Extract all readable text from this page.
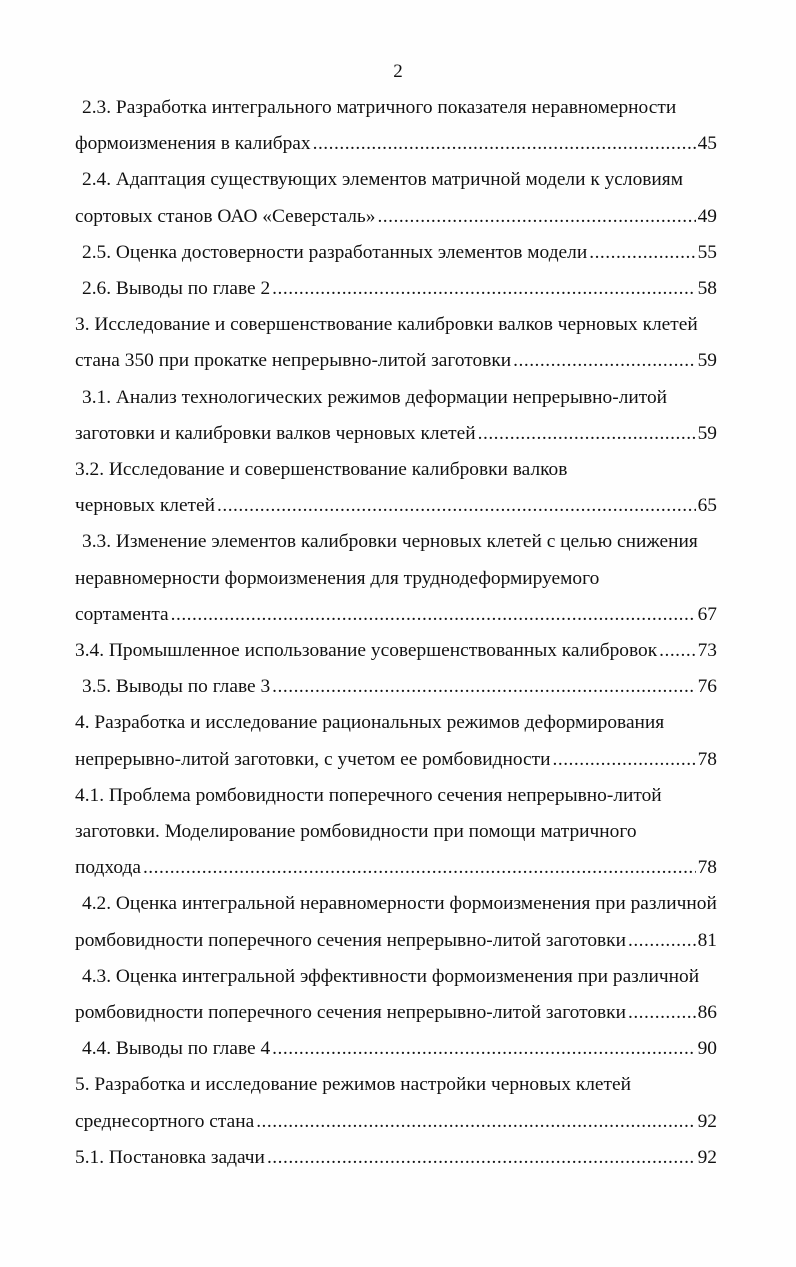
2
2.3. Разработка интегрального матричного показателя неравномерности
формоизменения в калибрах .....	45
2.4. Адаптация существующих элементов матричной модели к условиям
сортовых станов ОАО «Северсталь» .....	49
2.5. Оценка достоверности разработанных элементов модели .....	55
2.6. Выводы по главе 2 .....	58
3. Исследование и совершенствование калибровки валков черновых клетей
стана 350 при прокатке непрерывно-литой заготовки .....	59
3.1. Анализ технологических режимов деформации непрерывно-литой
заготовки и калибровки валков черновых клетей .....	59
3.2. Исследование и совершенствование калибровки валков
черновых клетей .....	65
3.3. Изменение элементов калибровки черновых клетей с целью снижения
неравномерности формоизменения для труднодеформируемого
сортамента .....	67
3.4. Промышленное использование усовершенствованных калибровок ..... 73
3.5. Выводы по главе 3 .....	76
4. Разработка и исследование рациональных режимов деформирования
непрерывно-литой заготовки, с учетом ее ромбовидности .....	78
4.1. Проблема ромбовидности поперечного сечения непрерывно-литой
заготовки. Моделирование ромбовидности при помощи матричного
подхода .....	78
4.2. Оценка интегральной неравномерности формоизменения при различной
ромбовидности поперечного сечения непрерывно-литой заготовки .....	81
4.3. Оценка интегральной эффективности формоизменения при различной
ромбовидности поперечного сечения непрерывно-литой заготовки .....	86
4.4. Выводы по главе 4 .....	90
5. Разработка и исследование режимов настройки черновых клетей
среднесортного стана .....	92
5.1. Постановка задачи .....	92
